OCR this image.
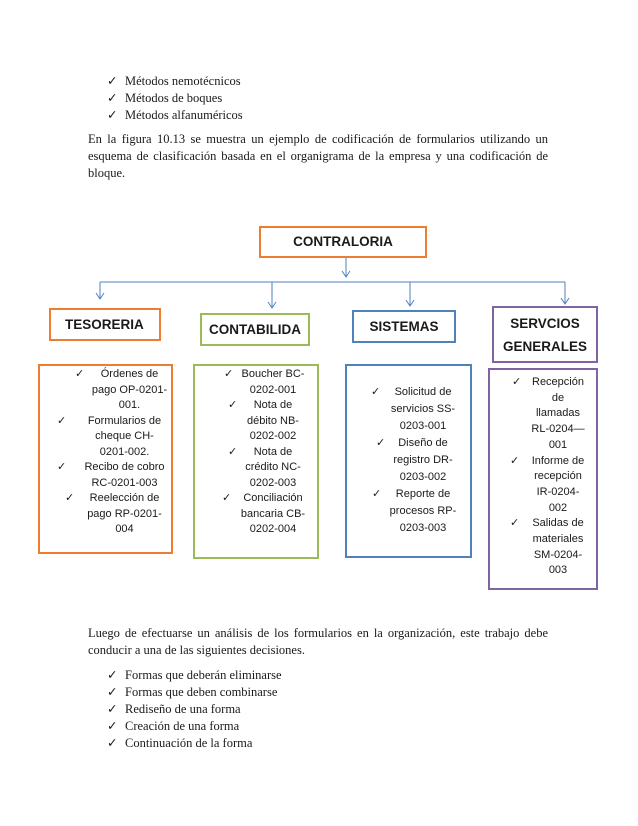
✓ Métodos nemotécnicos
✓ Métodos de boques
✓ Métodos alfanuméricos
En la figura 10.13 se muestra un ejemplo de codificación de formularios utilizando un
esquema de clasificación basada en el organigrama de la empresa y una codificación de
bloque.
CONTRALORIA
TESORERIA	CONTABILIDA	SISTEMAS	SERVCIOS
GENERALES
✓	Órdenes de
pago OP-0201-
001.
✓	Formularios de
cheque CH-
0201-002.
✓	Recibo de cobro
RC-0201-003
✓	Reelección de
pago RP-0201-
004
✓ Boucher BC-
0202-001
✓	Nota de
débito NB-
0202-002
✓	Nota de
crédito NC-
0202-003
✓	Conciliación
bancaria CB-
0202-004
✓	Solicitud de
servicios SS-
0203-001
✓	Diseño de
registro DR-
0203-002
✓	Reporte de
procesos RP-
0203-003
✓ Recepción
de
llamadas
RL-0204—
001
✓	Informe de
recepción
IR-0204-
002
✓	Salidas de
materiales
SM-0204-
003
Luego de efectuarse un análisis de los formularios en la organización, este trabajo debe
conducir a una de las siguientes decisiones.
✓ Formas que deberán eliminarse
✓ Formas que deben combinarse
✓ Rediseño de una forma
✓ Creación de una forma
✓ Continuación de la forma
